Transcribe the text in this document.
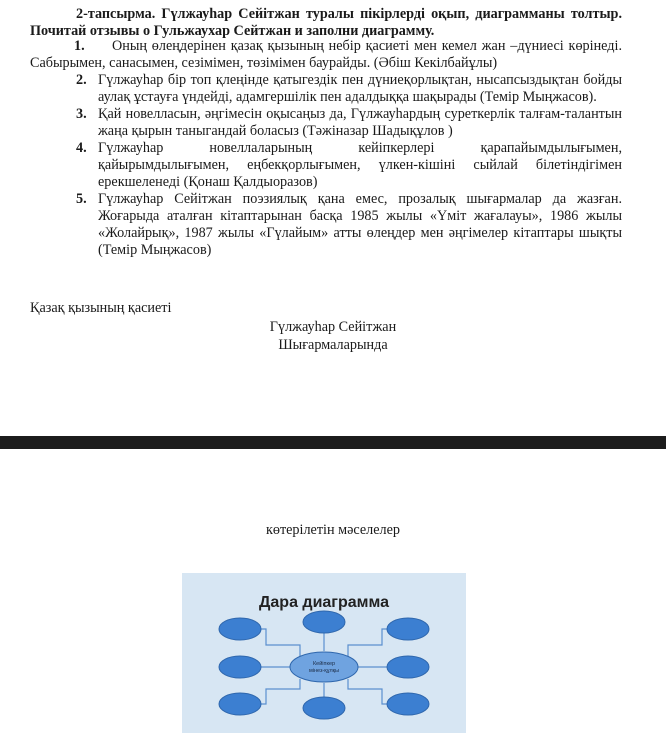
2-тапсырма. Гүлжауһар Сейітжан туралы пікірлерді оқып, диаграмманы толтыр. Почитай отзывы о Гульжаухар Сейтжан и заполни диаграмму.
1. Оның өлеңдерінен қазақ қызының небір қасиеті мен кемел жан –дүниесі көрінеді. Сабырымен, санасымен, сезімімен, төзімімен баурайды. (Әбіш Кекілбайұлы)
2. Гүлжауһар бір топ қлеңінде қатыгездік пен дүниеқорлықтан, нысапсыздықтан бойды аулақ ұстауға үндейді, адамгершілік пен адалдыққа шақырады (Темір Мыңжасов).
3. Қай новелласын, әңгімесін оқысаңыз да, Гүлжауһардың суреткерлік талғам-талантын жаңа қырын таныгандай боласыз (Тәжіназар Шадықұлов )
4. Гүлжауһар новеллаларының кейіпкерлері қарапайымдылығымен, қайырымдылығымен, еңбекқорлығымен, үлкен-кішіні сыйлай білетіндігімен ерекшеленеді (Қонаш Қалдыоразов)
5. Гүлжауһар Сейітжан поэзиялық қана емес, прозалық шығармалар да жазған. Жоғарыда аталған кітаптарынан басқа 1985 жылы «Үміт жағалауы», 1986 жылы «Жолайрық», 1987 жылы «Гүлайым» атты өлеңдер мен әңгімелер кітаптары шықты (Темір Мыңжасов)
Қазақ қызының қасиеті
Гүлжауһар Сейітжан
Шығармаларында
көтерілетін мәселелер
Дара диаграмма
Кейіпкер
мінез-құлқы
